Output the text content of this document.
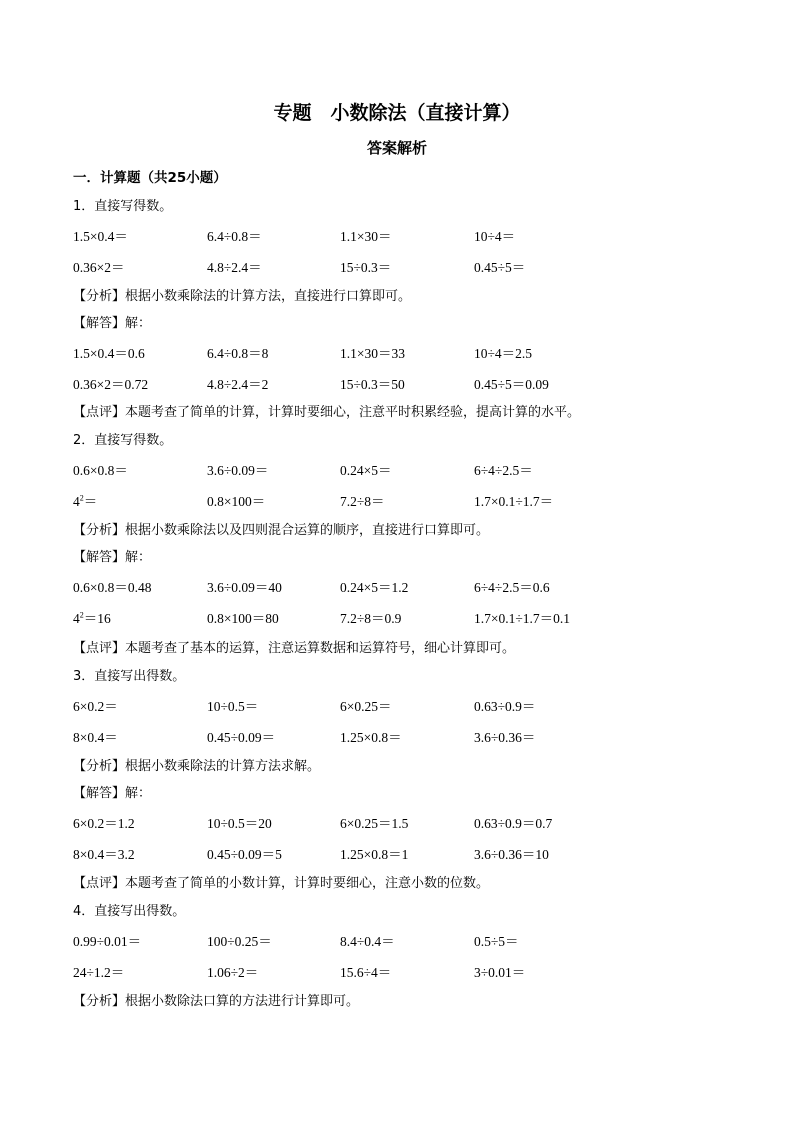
专题　小数除法（直接计算）
答案解析
一．计算题（共25小题）
1．直接写得数。
1.5×0.4＝	6.4÷0.8＝	1.1×30＝	10÷4＝
0.36×2＝	4.8÷2.4＝	15÷0.3＝	0.45÷5＝
【分析】根据小数乘除法的计算方法，直接进行口算即可。
【解答】解：
1.5×0.4＝0.6	6.4÷0.8＝8	1.1×30＝33	10÷4＝2.5
0.36×2＝0.72	4.8÷2.4＝2	15÷0.3＝50	0.45÷5＝0.09
【点评】本题考查了简单的计算，计算时要细心，注意平时积累经验，提高计算的水平。
2．直接写得数。
0.6×0.8＝	3.6÷0.09＝	0.24×5＝	6÷4÷2.5＝
$4^2=$	0.8×100＝	7.2÷8＝	1.7×0.1÷1.7＝
【分析】根据小数乘除法以及四则混合运算的顺序，直接进行口算即可。
【解答】解：
0.6×0.8＝0.48	3.6÷0.09＝40	0.24×5＝1.2	6÷4÷2.5＝0.6
$4^2=16$	0.8×100＝80	7.2÷8＝0.9	1.7×0.1÷1.7＝0.1
【点评】本题考查了基本的运算，注意运算数据和运算符号，细心计算即可。
3．直接写出得数。
6×0.2＝	10÷0.5＝	6×0.25＝	0.63÷0.9＝
8×0.4＝	0.45÷0.09＝	1.25×0.8＝	3.6÷0.36＝
【分析】根据小数乘除法的计算方法求解。
【解答】解：
6×0.2＝1.2	10÷0.5＝20	6×0.25＝1.5	0.63÷0.9＝0.7
8×0.4＝3.2	0.45÷0.09＝5	1.25×0.8＝1	3.6÷0.36＝10
【点评】本题考查了简单的小数计算，计算时要细心，注意小数的位数。
4．直接写出得数。
0.99÷0.01＝	100÷0.25＝	8.4÷0.4＝	0.5÷5＝
24÷1.2＝	1.06÷2＝	15.6÷4＝	3÷0.01＝
【分析】根据小数除法口算的方法进行计算即可。
